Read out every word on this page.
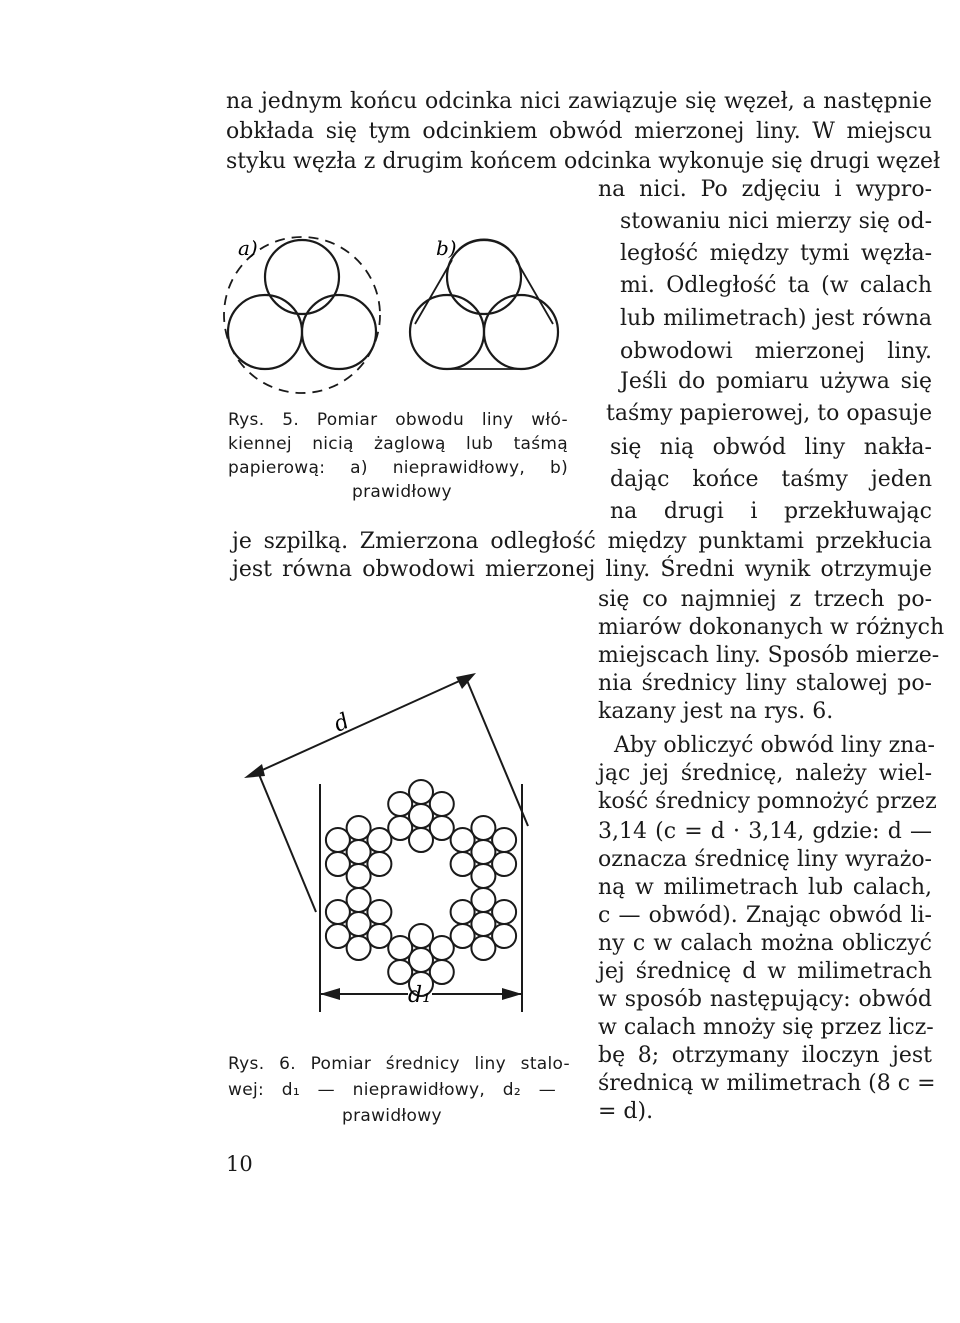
na jednym końcu odcinka nici zawiązuje się węzeł, a następnie
obkłada się tym odcinkiem obwód mierzonej liny. W miejscu
styku węzła z drugim końcem odcinka wykonuje się drugi węzeł
na nici. Po zdjęciu i wypro-
stowaniu nici mierzy się od-
ległość między tymi węzła-
mi. Odległość ta (w calach
lub milimetrach) jest równa
obwodowi mierzonej liny.
Jeśli do pomiaru używa się
taśmy papierowej, to opasuje
się nią obwód liny nakła-
dając końce taśmy jeden
na drugi i przekłuwając
je szpilką. Zmierzona odległość między punktami przekłucia
jest równa obwodowi mierzonej liny. Średni wynik otrzymuje
się co najmniej z trzech po-
miarów dokonanych w różnych
miejscach liny. Sposób mierze-
nia średnicy liny stalowej po-
kazany jest na rys. 6.
Aby obliczyć obwód liny zna-
jąc jej średnicę, należy wiel-
kość średnicy pomnożyć przez
3,14 (c = d · 3,14, gdzie: d —
oznacza średnicę liny wyrażo-
ną w milimetrach lub calach,
c — obwód). Znając obwód li-
ny c w calach można obliczyć
jej średnicę d w milimetrach
w sposób następujący: obwód
w calach mnoży się przez licz-
bę 8; otrzymany iloczyn jest
średnicą w milimetrach (8 c =
= d).
a)	b)
Rys. 5. Pomiar obwodu liny włó-
kiennej nicią żaglową lub taśmą
papierową: a) nieprawidłowy, b)
prawidłowy
d
d₁
Rys. 6. Pomiar średnicy liny stalo-
wej: d₁ — nieprawidłowy, d₂ —
prawidłowy
10
